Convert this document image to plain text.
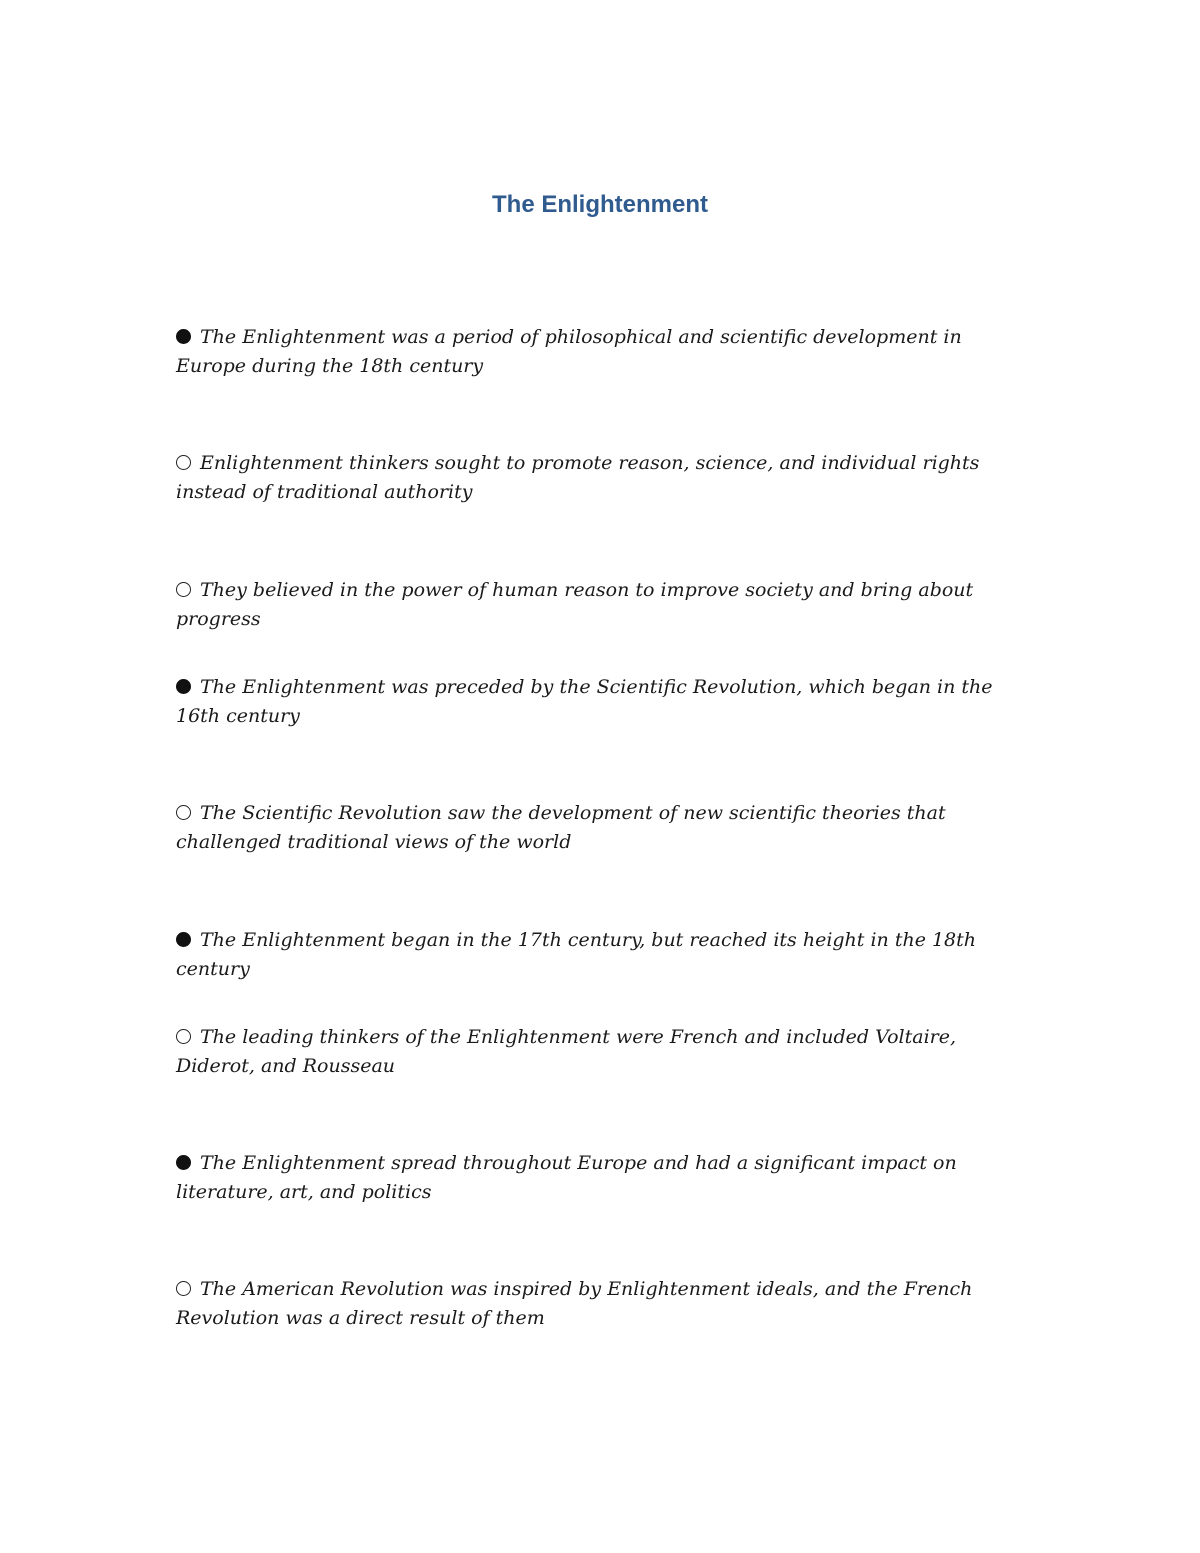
The Enlightenment
The Enlightenment was a period of philosophical and scientific development in Europe during the 18th century
Enlightenment thinkers sought to promote reason, science, and individual rights instead of traditional authority
They believed in the power of human reason to improve society and bring about progress
The Enlightenment was preceded by the Scientific Revolution, which began in the 16th century
The Scientific Revolution saw the development of new scientific theories that challenged traditional views of the world
The Enlightenment began in the 17th century, but reached its height in the 18th century
The leading thinkers of the Enlightenment were French and included Voltaire, Diderot, and Rousseau
The Enlightenment spread throughout Europe and had a significant impact on literature, art, and politics
The American Revolution was inspired by Enlightenment ideals, and the French Revolution was a direct result of them
